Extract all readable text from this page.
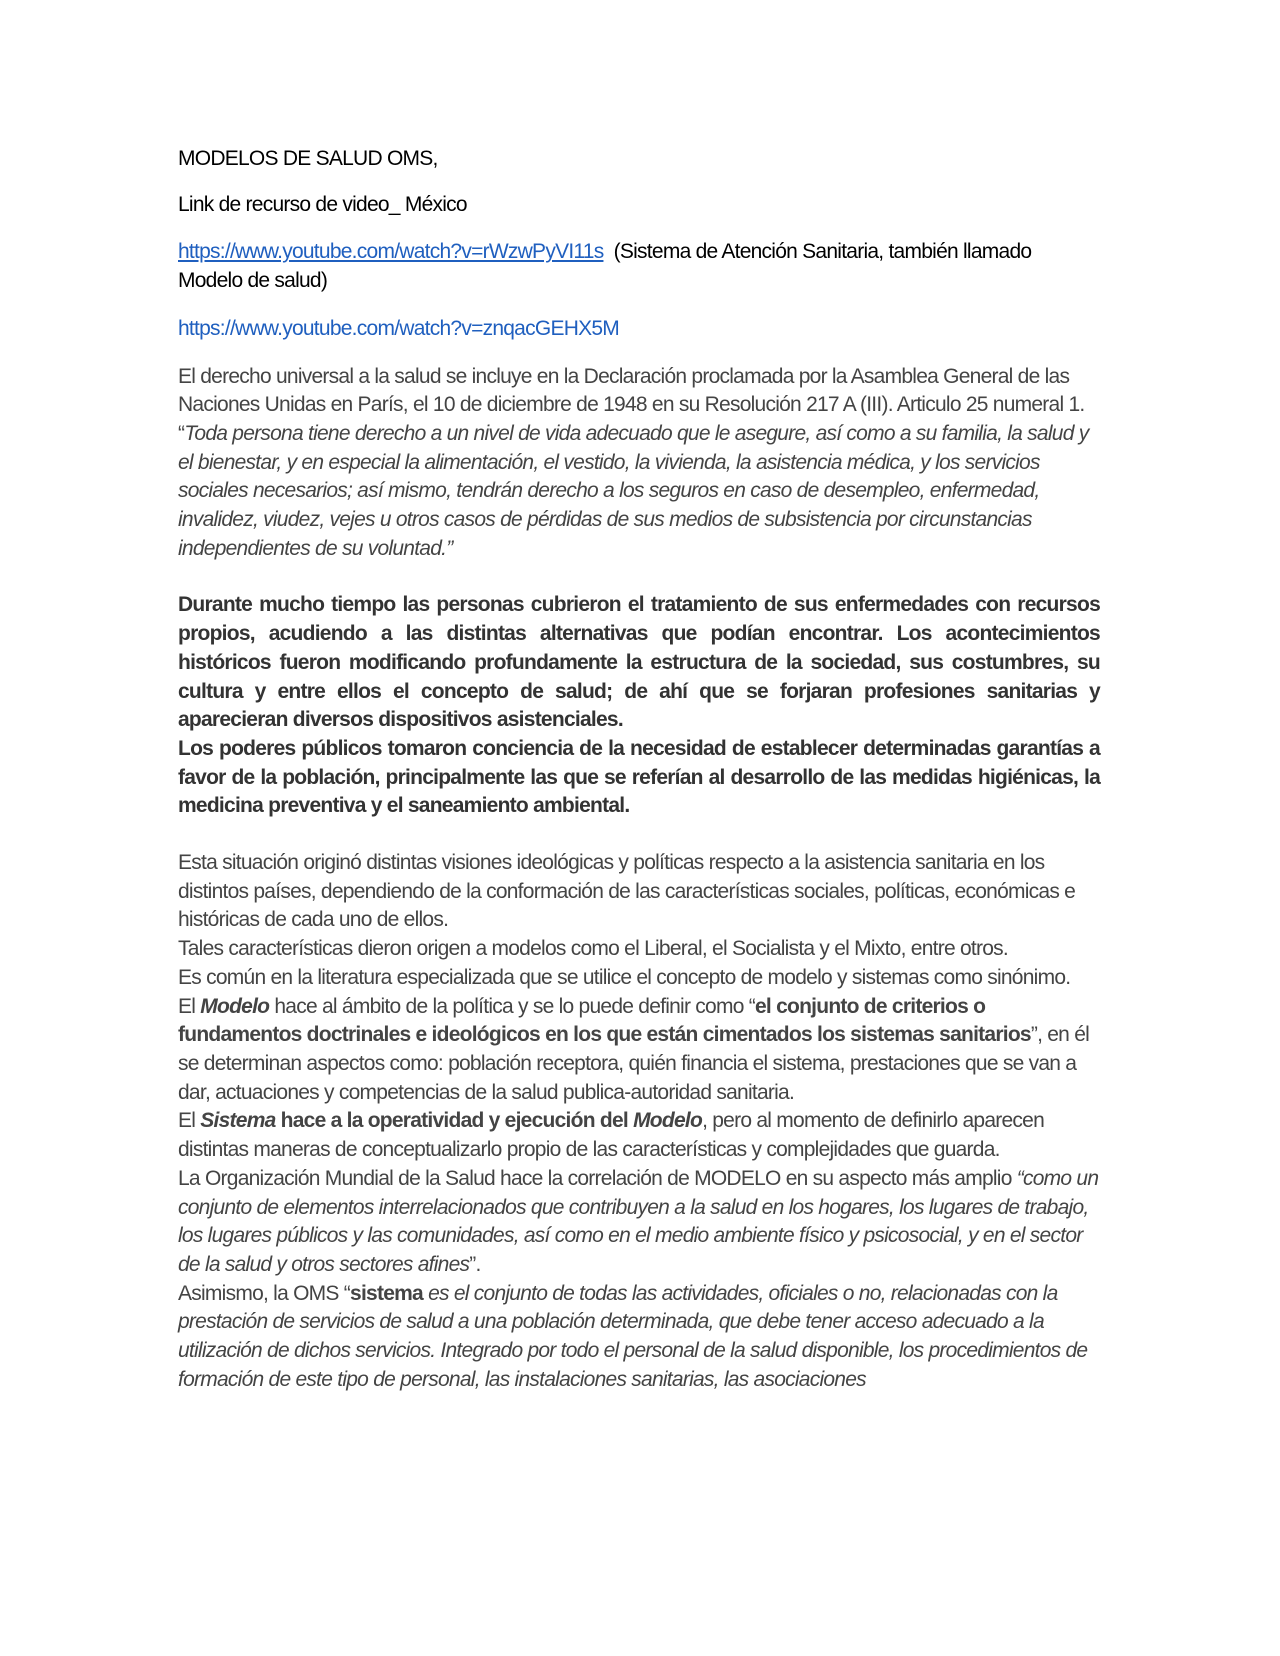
MODELOS DE SALUD OMS,

Link de recurso de video_ México

https://www.youtube.com/watch?v=rWzwPyVI11s (Sistema de Atención Sanitaria, también llamado Modelo de salud)

https://www.youtube.com/watch?v=znqacGEHX5M

El derecho universal a la salud se incluye en la Declaración proclamada por la Asamblea General de las Naciones Unidas en París, el 10 de diciembre de 1948 en su Resolución 217 A (III). Articulo 25 numeral 1. “Toda persona tiene derecho a un nivel de vida adecuado que le asegure, así como a su familia, la salud y el bienestar, y en especial la alimentación, el vestido, la vivienda, la asistencia médica, y los servicios sociales necesarios; así mismo, tendrán derecho a los seguros en caso de desempleo, enfermedad, invalidez, viudez, vejes u otros casos de pérdidas de sus medios de subsistencia por circunstancias independientes de su voluntad.”

Durante mucho tiempo las personas cubrieron el tratamiento de sus enfermedades con recursos propios, acudiendo a las distintas alternativas que podían encontrar. Los acontecimientos históricos fueron modificando profundamente la estructura de la sociedad, sus costumbres, su cultura y entre ellos el concepto de salud; de ahí que se forjaran profesiones sanitarias y aparecieran diversos dispositivos asistenciales.

Los poderes públicos tomaron conciencia de la necesidad de establecer determinadas garantías a favor de la población, principalmente las que se referían al desarrollo de las medidas higiénicas, la medicina preventiva y el saneamiento ambiental.

Esta situación originó distintas visiones ideológicas y políticas respecto a la asistencia sanitaria en los distintos países, dependiendo de la conformación de las características sociales, políticas, económicas e históricas de cada uno de ellos.

Tales características dieron origen a modelos como el Liberal, el Socialista y el Mixto, entre otros.

Es común en la literatura especializada que se utilice el concepto de modelo y sistemas como sinónimo.

El Modelo hace al ámbito de la política y se lo puede definir como “el conjunto de criterios o fundamentos doctrinales e ideológicos en los que están cimentados los sistemas sanitarios”, en él se determinan aspectos como: población receptora, quién financia el sistema, prestaciones que se van a dar, actuaciones y competencias de la salud publica-autoridad sanitaria.

El Sistema hace a la operatividad y ejecución del Modelo, pero al momento de definirlo aparecen distintas maneras de conceptualizarlo propio de las características y complejidades que guarda.

La Organización Mundial de la Salud hace la correlación de MODELO en su aspecto más amplio “como un conjunto de elementos interrelacionados que contribuyen a la salud en los hogares, los lugares de trabajo, los lugares públicos y las comunidades, así como en el medio ambiente físico y psicosocial, y en el sector de la salud y otros sectores afines”.

Asimismo, la OMS “sistema es el conjunto de todas las actividades, oficiales o no, relacionadas con la prestación de servicios de salud a una población determinada, que debe tener acceso adecuado a la utilización de dichos servicios. Integrado por todo el personal de la salud disponible, los procedimientos de formación de este tipo de personal, las instalaciones sanitarias, las asociaciones
